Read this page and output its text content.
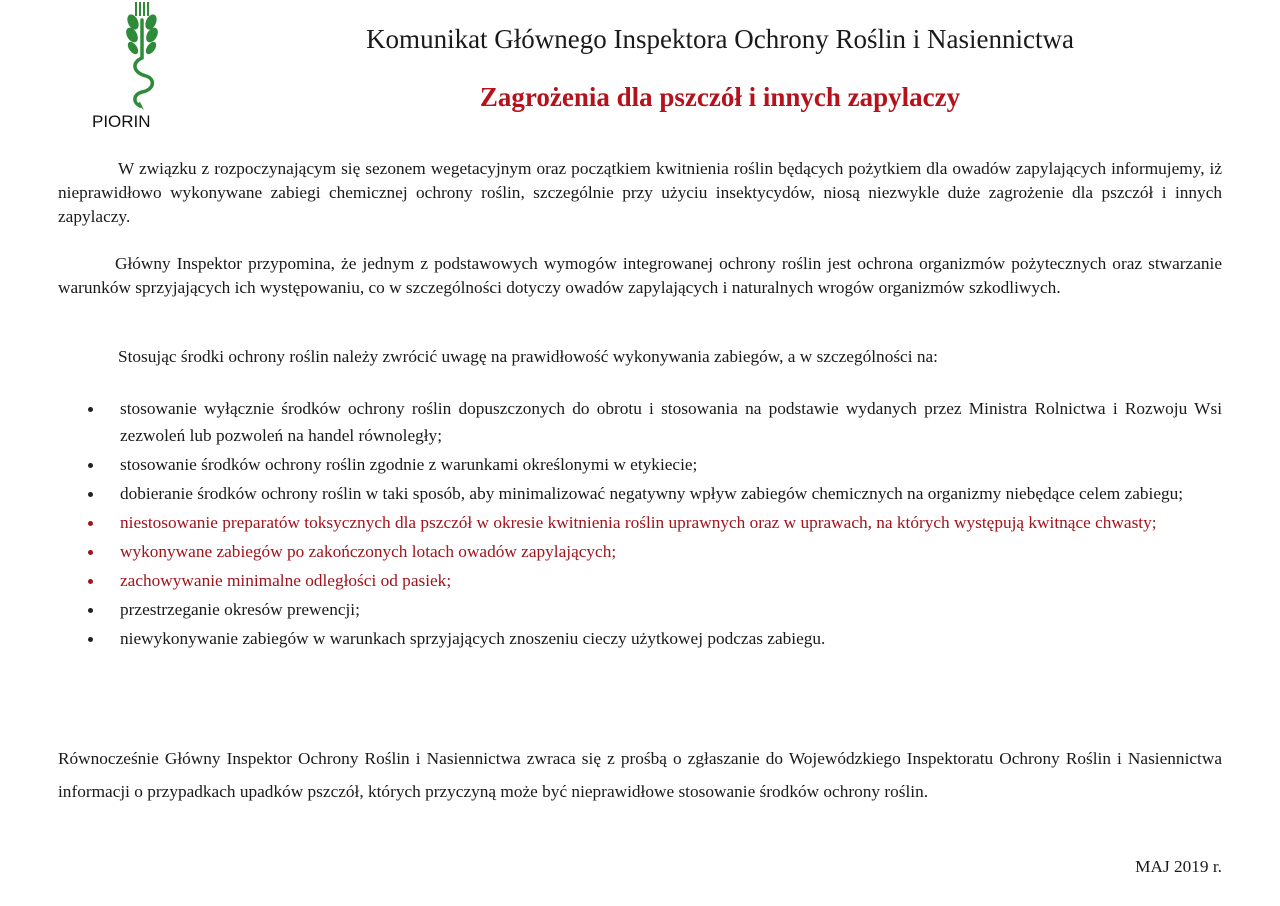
PIORIN
Komunikat Głównego Inspektora Ochrony Roślin i Nasiennictwa
Zagrożenia dla pszczół i innych zapylaczy
W związku z rozpoczynającym się sezonem wegetacyjnym oraz początkiem kwitnienia roślin będących pożytkiem dla owadów zapylających informujemy, iż nieprawidłowo wykonywane zabiegi chemicznej ochrony roślin, szczególnie przy użyciu insektycydów, niosą niezwykle duże zagrożenie dla pszczół i innych zapylaczy.
Główny Inspektor przypomina, że jednym z podstawowych wymogów integrowanej ochrony roślin jest ochrona organizmów pożytecznych oraz stwarzanie warunków sprzyjających ich występowaniu, co w szczególności dotyczy owadów zapylających i naturalnych wrogów organizmów szkodliwych.
Stosując środki ochrony roślin należy zwrócić uwagę na prawidłowość wykonywania zabiegów, a w szczególności na:
stosowanie wyłącznie środków ochrony roślin dopuszczonych do obrotu i stosowania na podstawie wydanych przez Ministra Rolnictwa i Rozwoju Wsi zezwoleń lub pozwoleń na handel równoległy;
stosowanie środków ochrony roślin zgodnie z warunkami określonymi w etykiecie;
dobieranie środków ochrony roślin w taki sposób, aby minimalizować negatywny wpływ zabiegów chemicznych na organizmy niebędące celem zabiegu;
niestosowanie preparatów toksycznych dla pszczół w okresie kwitnienia roślin uprawnych oraz w uprawach, na których występują kwitnące chwasty;
wykonywane zabiegów po zakończonych lotach owadów zapylających;
zachowywanie minimalne odległości od pasiek;
przestrzeganie okresów prewencji;
niewykonywanie zabiegów w warunkach sprzyjających znoszeniu cieczy użytkowej podczas zabiegu.
Równocześnie Główny Inspektor Ochrony Roślin i Nasiennictwa zwraca się z prośbą o zgłaszanie do Wojewódzkiego Inspektoratu Ochrony Roślin i Nasiennictwa informacji o przypadkach upadków pszczół, których przyczyną może być nieprawidłowe stosowanie środków ochrony roślin.
MAJ 2019 r.
